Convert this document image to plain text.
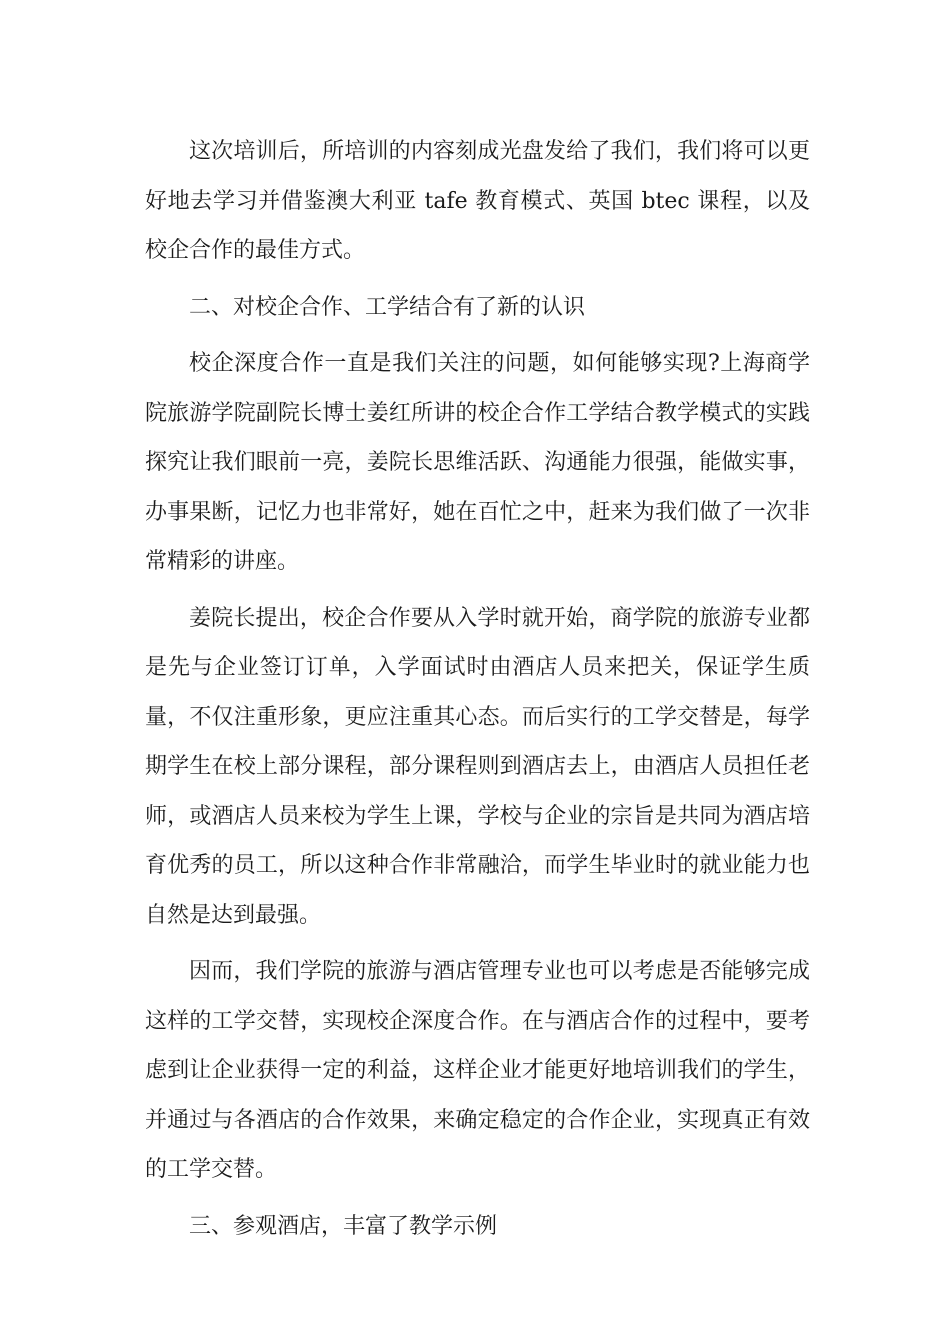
这次培训后，所培训的内容刻成光盘发给了我们，我们将可以更好地去学习并借鉴澳大利亚 tafe 教育模式、英国 btec 课程，以及校企合作的最佳方式。

二、对校企合作、工学结合有了新的认识

校企深度合作一直是我们关注的问题，如何能够实现?上海商学院旅游学院副院长博士姜红所讲的校企合作工学结合教学模式的实践探究让我们眼前一亮，姜院长思维活跃、沟通能力很强，能做实事，办事果断，记忆力也非常好，她在百忙之中，赶来为我们做了一次非常精彩的讲座。

姜院长提出，校企合作要从入学时就开始，商学院的旅游专业都是先与企业签订订单，入学面试时由酒店人员来把关，保证学生质量，不仅注重形象，更应注重其心态。而后实行的工学交替是，每学期学生在校上部分课程，部分课程则到酒店去上，由酒店人员担任老师，或酒店人员来校为学生上课，学校与企业的宗旨是共同为酒店培育优秀的员工，所以这种合作非常融洽，而学生毕业时的就业能力也自然是达到最强。

因而，我们学院的旅游与酒店管理专业也可以考虑是否能够完成这样的工学交替，实现校企深度合作。在与酒店合作的过程中，要考虑到让企业获得一定的利益，这样企业才能更好地培训我们的学生，并通过与各酒店的合作效果，来确定稳定的合作企业，实现真正有效的工学交替。

三、参观酒店，丰富了教学示例
